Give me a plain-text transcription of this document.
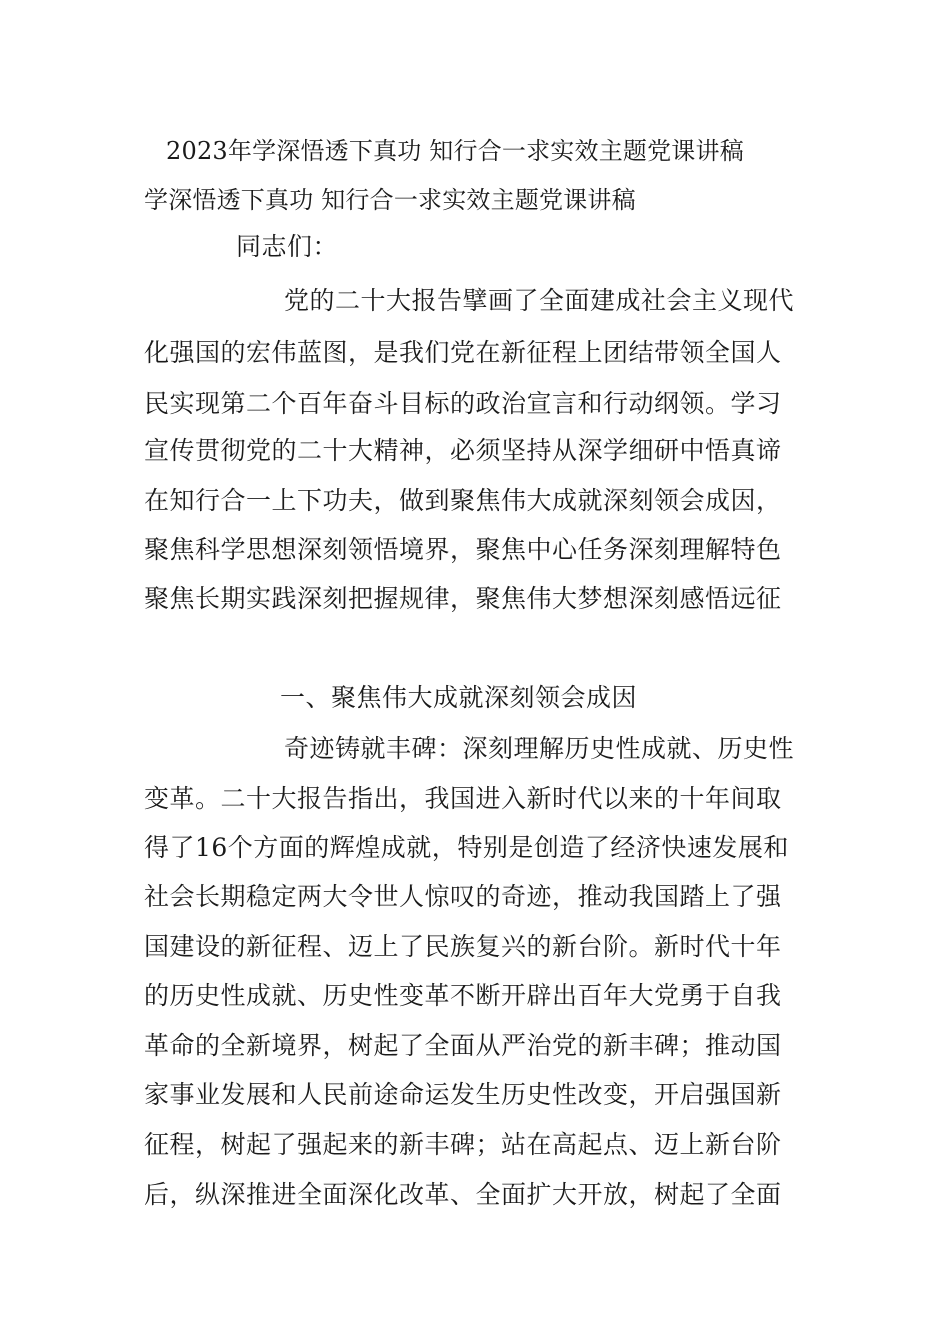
2023年学深悟透下真功 知行合一求实效主题党课讲稿

学深悟透下真功 知行合一求实效主题党课讲稿

同志们：

党的二十大报告擘画了全面建成社会主义现代

化强国的宏伟蓝图，是我们党在新征程上团结带领全国人

民实现第二个百年奋斗目标的政治宣言和行动纲领。学习

宣传贯彻党的二十大精神，必须坚持从深学细研中悟真谛

在知行合一上下功夫，做到聚焦伟大成就深刻领会成因，

聚焦科学思想深刻领悟境界，聚焦中心任务深刻理解特色

聚焦长期实践深刻把握规律，聚焦伟大梦想深刻感悟远征

一、聚焦伟大成就深刻领会成因

奇迹铸就丰碑：深刻理解历史性成就、历史性

变革。二十大报告指出，我国进入新时代以来的十年间取

得了16个方面的辉煌成就，特别是创造了经济快速发展和

社会长期稳定两大令世人惊叹的奇迹，推动我国踏上了强

国建设的新征程、迈上了民族复兴的新台阶。新时代十年

的历史性成就、历史性变革不断开辟出百年大党勇于自我

革命的全新境界，树起了全面从严治党的新丰碑；推动国

家事业发展和人民前途命运发生历史性改变，开启强国新

征程，树起了强起来的新丰碑；站在高起点、迈上新台阶

后，纵深推进全面深化改革、全面扩大开放，树起了全面
